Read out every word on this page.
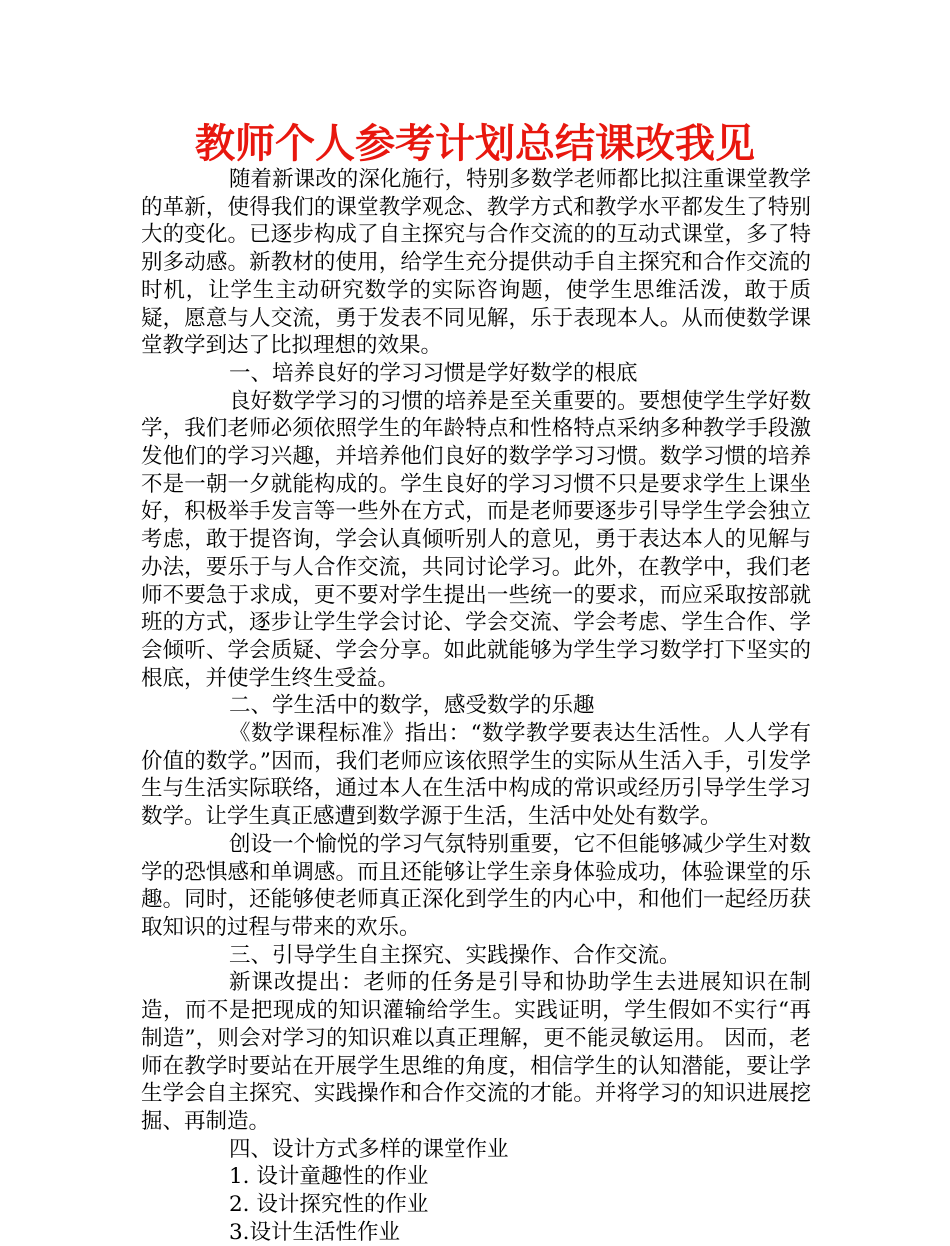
教师个人参考计划总结课改我见

随着新课改的深化施行，特别多数学老师都比拟注重课堂教学的革新，使得我们的课堂教学观念、教学方式和教学水平都发生了特别大的变化。已逐步构成了自主探究与合作交流的的互动式课堂，多了特别多动感。新教材的使用，给学生充分提供动手自主探究和合作交流的时机，让学生主动研究数学的实际咨询题，使学生思维活泼，敢于质疑，愿意与人交流，勇于发表不同见解，乐于表现本人。从而使数学课堂教学到达了比拟理想的效果。

一、培养良好的学习习惯是学好数学的根底

良好数学学习的习惯的培养是至关重要的。要想使学生学好数学，我们老师必须依照学生的年龄特点和性格特点采纳多种教学手段激发他们的学习兴趣，并培养他们良好的数学学习习惯。数学习惯的培养不是一朝一夕就能构成的。学生良好的学习习惯不只是要求学生上课坐好，积极举手发言等一些外在方式，而是老师要逐步引导学生学会独立考虑，敢于提咨询，学会认真倾听别人的意见，勇于表达本人的见解与办法，要乐于与人合作交流，共同讨论学习。此外，在教学中，我们老师不要急于求成，更不要对学生提出一些统一的要求，而应采取按部就班的方式，逐步让学生学会讨论、学会交流、学会考虑、学生合作、学会倾听、学会质疑、学会分享。如此就能够为学生学习数学打下坚实的根底，并使学生终生受益。

二、学生活中的数学，感受数学的乐趣

《数学课程标准》指出：“数学教学要表达生活性。人人学有价值的数学。”因而，我们老师应该依照学生的实际从生活入手，引发学生与生活实际联络，通过本人在生活中构成的常识或经历引导学生学习数学。让学生真正感遭到数学源于生活，生活中处处有数学。

创设一个愉悦的学习气氛特别重要，它不但能够减少学生对数学的恐惧感和单调感。而且还能够让学生亲身体验成功，体验课堂的乐趣。同时，还能够使老师真正深化到学生的内心中，和他们一起经历获取知识的过程与带来的欢乐。

三、引导学生自主探究、实践操作、合作交流。

新课改提出：老师的任务是引导和协助学生去进展知识在制造，而不是把现成的知识灌输给学生。实践证明，学生假如不实行“再制造”，则会对学习的知识难以真正理解，更不能灵敏运用。 因而，老师在教学时要站在开展学生思维的角度，相信学生的认知潜能，要让学生学会自主探究、实践操作和合作交流的才能。并将学习的知识进展挖掘、再制造。

四、设计方式多样的课堂作业

1. 设计童趣性的作业

2. 设计探究性的作业

3.设计生活性作业
